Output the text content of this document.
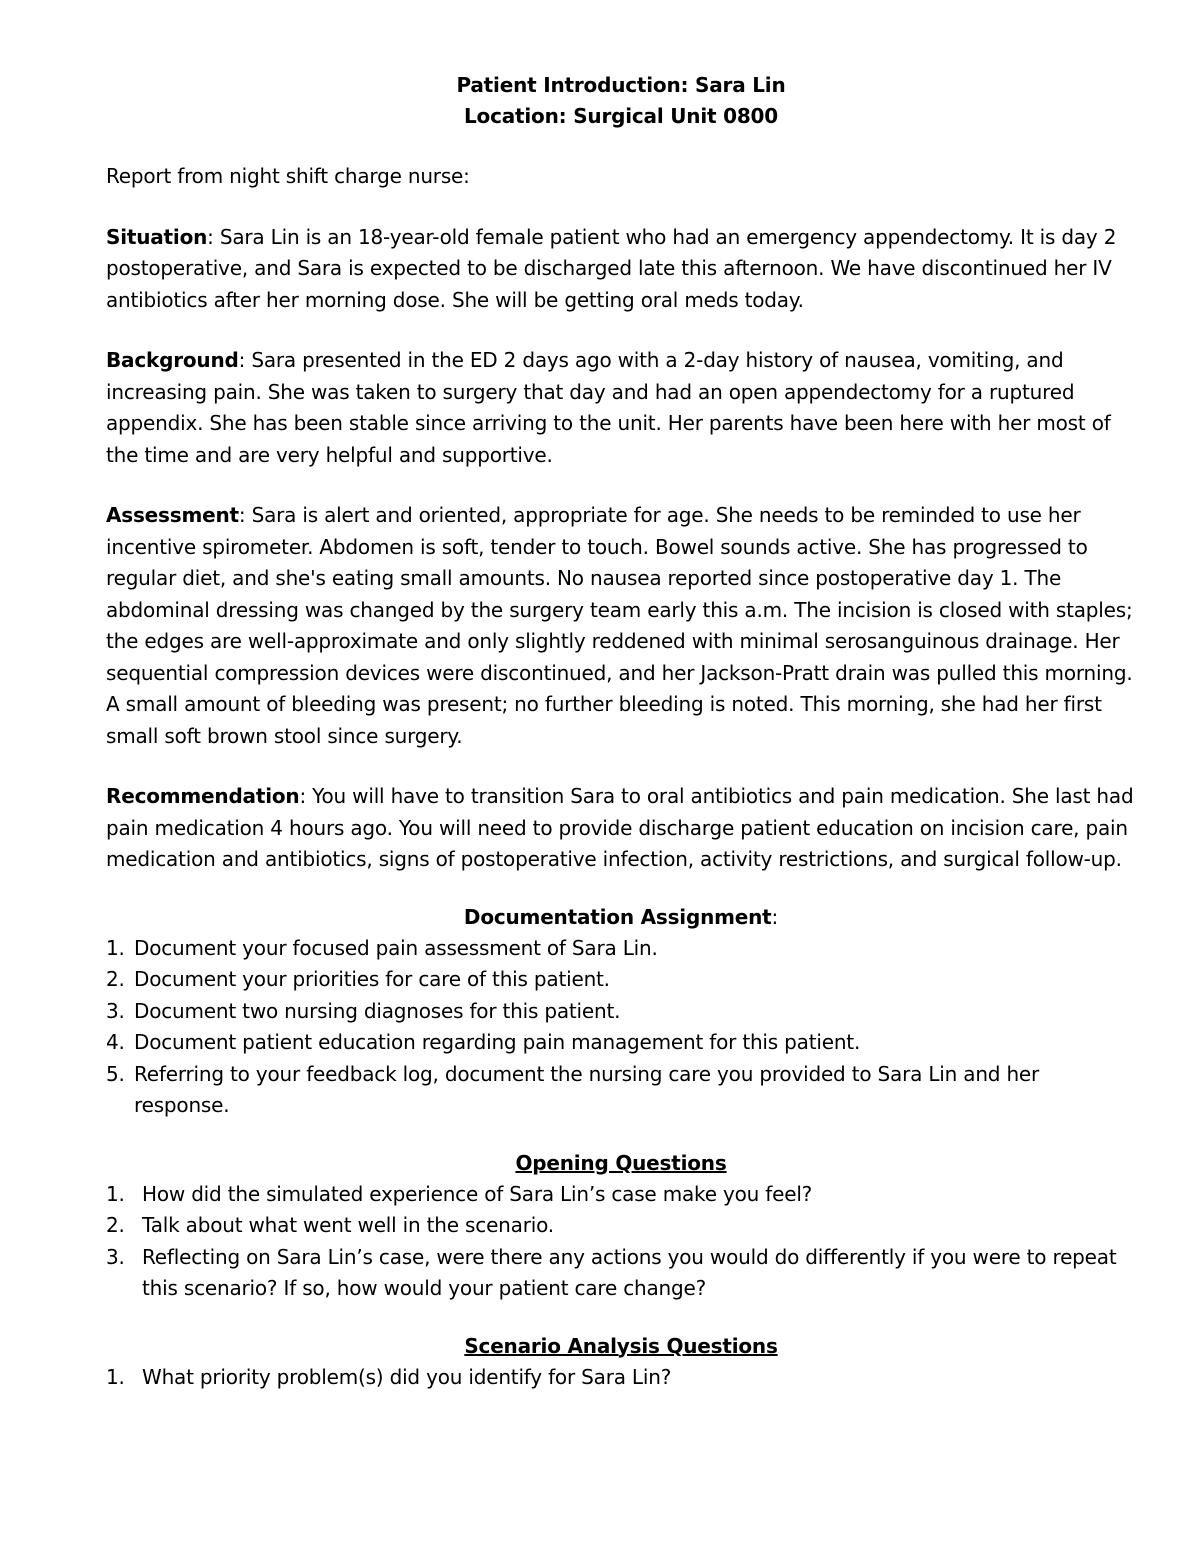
Patient Introduction: Sara Lin
Location: Surgical Unit 0800

Report from night shift charge nurse:

Situation: Sara Lin is an 18-year-old female patient who had an emergency appendectomy. It is day 2 postoperative, and Sara is expected to be discharged late this afternoon. We have discontinued her IV antibiotics after her morning dose. She will be getting oral meds today.

Background: Sara presented in the ED 2 days ago with a 2-day history of nausea, vomiting, and increasing pain. She was taken to surgery that day and had an open appendectomy for a ruptured appendix. She has been stable since arriving to the unit. Her parents have been here with her most of the time and are very helpful and supportive.

Assessment: Sara is alert and oriented, appropriate for age. She needs to be reminded to use her incentive spirometer. Abdomen is soft, tender to touch. Bowel sounds active. She has progressed to regular diet, and she's eating small amounts. No nausea reported since postoperative day 1. The abdominal dressing was changed by the surgery team early this a.m. The incision is closed with staples; the edges are well-approximate and only slightly reddened with minimal serosanguinous drainage. Her sequential compression devices were discontinued, and her Jackson-Pratt drain was pulled this morning. A small amount of bleeding was present; no further bleeding is noted. This morning, she had her first small soft brown stool since surgery.

Recommendation: You will have to transition Sara to oral antibiotics and pain medication. She last had pain medication 4 hours ago. You will need to provide discharge patient education on incision care, pain medication and antibiotics, signs of postoperative infection, activity restrictions, and surgical follow-up.

Documentation Assignment:
1. Document your focused pain assessment of Sara Lin.
2. Document your priorities for care of this patient.
3. Document two nursing diagnoses for this patient.
4. Document patient education regarding pain management for this patient.
5. Referring to your feedback log, document the nursing care you provided to Sara Lin and her response.
Opening Questions
1. How did the simulated experience of Sara Lin’s case make you feel?
2. Talk about what went well in the scenario.
3. Reflecting on Sara Lin’s case, were there any actions you would do differently if you were to repeat this scenario? If so, how would your patient care change?
Scenario Analysis Questions
1. What priority problem(s) did you identify for Sara Lin?
